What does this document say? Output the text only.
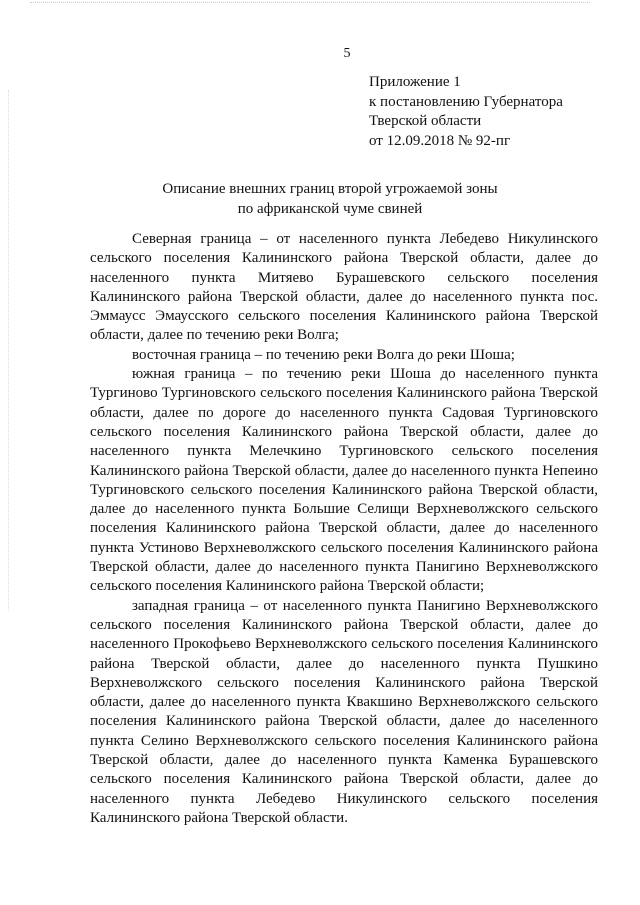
5
Приложение 1
к постановлению Губернатора
Тверской области
от 12.09.2018 № 92-пг
Описание внешних границ второй угрожаемой зоны
по африканской чуме свиней

Северная граница – от населенного пункта Лебедево Никулинского сельского поселения Калининского района Тверской области, далее до населенного пункта Митяево Бурашевского сельского поселения Калининского района Тверской области, далее до населенного пункта пос. Эммаусс Эмаусского сельского поселения Калининского района Тверской области, далее по течению реки Волга;

восточная граница – по течению реки Волга до реки Шоша;

южная граница – по течению реки Шоша до населенного пункта Тургиново Тургиновского сельского поселения Калининского района Тверской области, далее по дороге до населенного пункта Садовая Тургиновского сельского поселения Калининского района Тверской области, далее до населенного пункта Мелечкино Тургиновского сельского поселения Калининского района Тверской области, далее до населенного пункта Непеино Тургиновского сельского поселения Калининского района Тверской области, далее до населенного пункта Большие Селищи Верхневолжского сельского поселения Калининского района Тверской области, далее до населенного пункта Устиново Верхневолжского сельского поселения Калининского района Тверской области, далее до населенного пункта Панигино Верхневолжского сельского поселения Калининского района Тверской области;

западная граница – от населенного пункта Панигино Верхневолжского сельского поселения Калининского района Тверской области, далее до населенного Прокофьево Верхневолжского сельского поселения Калининского района Тверской области, далее до населенного пункта Пушкино Верхневолжского сельского поселения Калининского района Тверской области, далее до населенного пункта Квакшино Верхневолжского сельского поселения Калининского района Тверской области, далее до населенного пункта Селино Верхневолжского сельского поселения Калининского района Тверской области, далее до населенного пункта Каменка Бурашевского сельского поселения Калининского района Тверской области, далее до населенного пункта Лебедево Никулинского сельского поселения Калининского района Тверской области.
